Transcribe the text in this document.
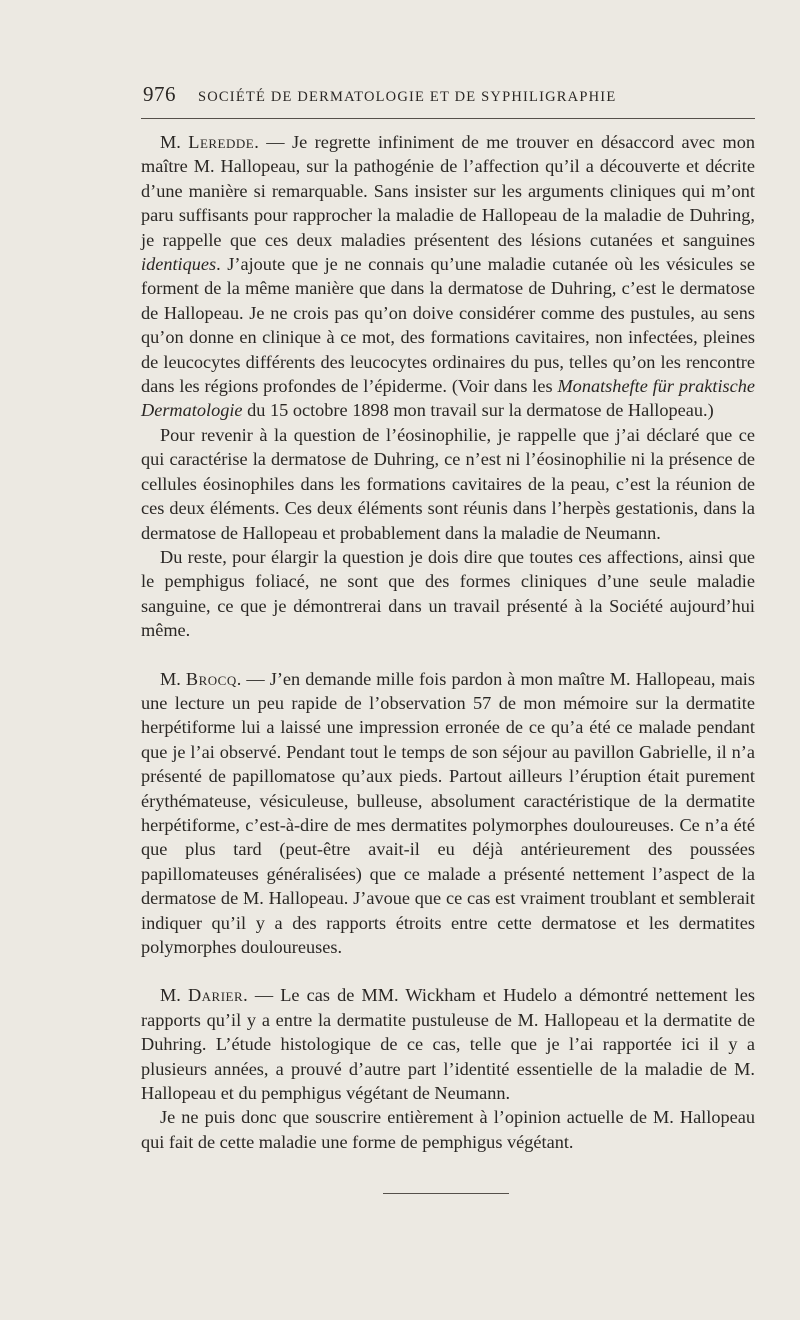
976 SOCIÉTÉ DE DERMATOLOGIE ET DE SYPHILIGRAPHIE

M. Leredde. — Je regrette infiniment de me trouver en désaccord avec mon maître M. Hallopeau, sur la pathogénie de l’affection qu’il a découverte et décrite d’une manière si remarquable. Sans insister sur les arguments cliniques qui m’ont paru suffisants pour rapprocher la maladie de Hallopeau de la maladie de Duhring, je rappelle que ces deux maladies présentent des lésions cutanées et sanguines identiques. J’ajoute que je ne connais qu’une maladie cutanée où les vésicules se forment de la même manière que dans la dermatose de Duhring, c’est le dermatose de Hallopeau. Je ne crois pas qu’on doive considérer comme des pustules, au sens qu’on donne en clinique à ce mot, des formations cavitaires, non infectées, pleines de leucocytes différents des leucocytes ordinaires du pus, telles qu’on les rencontre dans les régions profondes de l’épiderme. (Voir dans les Monatshefte für praktische Dermatologie du 15 octobre 1898 mon travail sur la dermatose de Hallopeau.)

Pour revenir à la question de l’éosinophilie, je rappelle que j’ai déclaré que ce qui caractérise la dermatose de Duhring, ce n’est ni l’éosinophilie ni la présence de cellules éosinophiles dans les formations cavitaires de la peau, c’est la réunion de ces deux éléments. Ces deux éléments sont réunis dans l’herpès gestationis, dans la dermatose de Hallopeau et probablement dans la maladie de Neumann.

Du reste, pour élargir la question je dois dire que toutes ces affections, ainsi que le pemphigus foliacé, ne sont que des formes cliniques d’une seule maladie sanguine, ce que je démontrerai dans un travail présenté à la Société aujourd’hui même.

M. Brocq. — J’en demande mille fois pardon à mon maître M. Hallopeau, mais une lecture un peu rapide de l’observation 57 de mon mémoire sur la dermatite herpétiforme lui a laissé une impression erronée de ce qu’a été ce malade pendant que je l’ai observé. Pendant tout le temps de son séjour au pavillon Gabrielle, il n’a présenté de papillomatose qu’aux pieds. Partout ailleurs l’éruption était purement érythémateuse, vésiculeuse, bulleuse, absolument caractéristique de la dermatite herpétiforme, c’est-à-dire de mes dermatites polymorphes douloureuses. Ce n’a été que plus tard (peut-être avait-il eu déjà antérieurement des poussées papillomateuses généralisées) que ce malade a présenté nettement l’aspect de la dermatose de M. Hallopeau. J’avoue que ce cas est vraiment troublant et semblerait indiquer qu’il y a des rapports étroits entre cette dermatose et les dermatites polymorphes douloureuses.

M. Darier. — Le cas de MM. Wickham et Hudelo a démontré nettement les rapports qu’il y a entre la dermatite pustuleuse de M. Hallopeau et la dermatite de Duhring. L’étude histologique de ce cas, telle que je l’ai rapportée ici il y a plusieurs années, a prouvé d’autre part l’identité essentielle de la maladie de M. Hallopeau et du pemphigus végétant de Neumann.

Je ne puis donc que souscrire entièrement à l’opinion actuelle de M. Hallopeau qui fait de cette maladie une forme de pemphigus végétant.
